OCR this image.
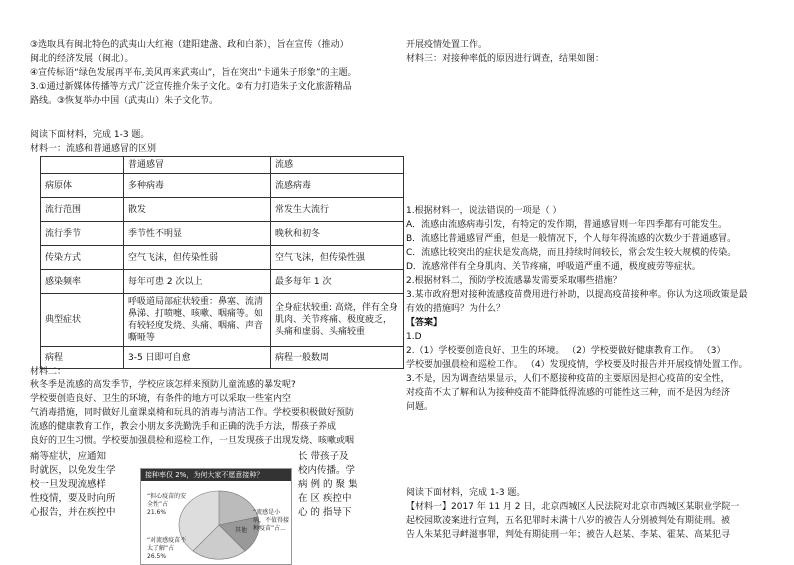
③选取具有闽北特色的武夷山大红袍（建阳建盏、政和白茶），旨在宣传（推动）

闽北的经济发展（闽北）。

④宣传标语“绿色发展再平布,美风再来武夷山”，旨在突出“卡通朱子形象”的主题。

3.①通过新媒体传播等方式广泛宣传推介朱子文化。②有力打造朱子文化旅游精品

路线。③恢复举办中国（武夷山）朱子文化节。

阅读下面材料，完成 1-3 题。

材料一：流感和普通感冒的区别

	普通感冒	流感
病原体	多种病毒	流感病毒
流行范围	散发	常发生大流行
流行季节	季节性不明显	晚秋和初冬
传染方式	空气飞沫，但传染性弱	空气飞沫，但传染性强
感染频率	每年可患 2 次以上	最多每年 1 次
典型症状	呼吸道局部症状较重：鼻塞、流清鼻涕、打喷嚏、咳嗽、咽痛等。如有较轻度发烧、头痛、咽痛、声音嘶哑等	全身症状较重: 高烧，伴有全身肌肉、关节疼痛、极度疲乏，头痛和虚弱、头痛较重
病程	3-5 日即可自愈	病程一般数周

材料二：

秋冬季是流感的高发季节，学校应该怎样来预防儿童流感的暴发呢?

学校要创造良好、卫生的环境，有条件的地方可以采取一些室内空

气消毒措施，同时做好儿童课桌椅和玩具的消毒与清洁工作。学校要积极做好预防

流感的健康教育工作，教会小朋友多洗勤洗手和正确的洗手方法，帮孩子养成

良好的卫生习惯。学校要加强晨检和巡检工作，一旦发现孩子出现发烧、咳嗽或咽

痛等症状，应通知

时就医，以免发生学

校一旦发现流感样

性疫情，要及时向所

心报告，并在疾控中

接种率仅 2%，为何大家不愿意接种？
“担心疫苗的安全性”占21.6%	“流感是小病，不值得接种疫苗”占...
“对流感疫苗不太了解”占26.5%
其他

长 带孩子及

校内传播。学

病 例 的 聚 集

在 区 疾控中

心 的 指导下

开展疫情处置工作。

材料三：对接种率低的原因进行调查，结果如图：

1.根据材料一，说法错误的一项是（ ）

A．流感由流感病毒引发，有特定的发作期，普通感冒则一年四季都有可能发生。

B．流感比普通感冒严重，但是一般情况下，个人每年得流感的次数少于普通感冒。

C．流感比较突出的症状是发高烧，而且持续时间较长，常会发生较大规模的传染。

D．流感常伴有全身肌肉、关节疼痛，呼吸道严重不通，极度疲劳等症状。

2.根据材料二，预防学校流感暴发需要采取哪些措施？

3.某市政府想对接种流感疫苗费用进行补助，以提高疫苗接种率。你认为这项政策是最

有效的措施吗？为什么？

【答案】

1.D

2.（1）学校要创造良好、卫生的环境。 （2）学校要做好健康教育工作。 （3）

学校要加强晨检和巡检工作。 （4）发现疫情，学校要及时报告并开展疫情处置工作。

3.不是，因为调查结果显示，人们不愿接种疫苗的主要原因是担心疫苗的安全性，

对疫苗不太了解和认为接种疫苗不能降低得流感的可能性这三种，而不是因为经济

问题。

阅读下面材料，完成 1-3 题。

【材料一】2017 年 11 月 2 日，北京西城区人民法院对北京市西城区某职业学院一

起校园欺凌案进行宣判，五名犯罪时未满十八岁的被告人分别被判处有期徒刑。被

告人朱某犯寻衅滋事罪，判处有期徒刑一年；被告人赵某、李某、霍某、高某犯寻
